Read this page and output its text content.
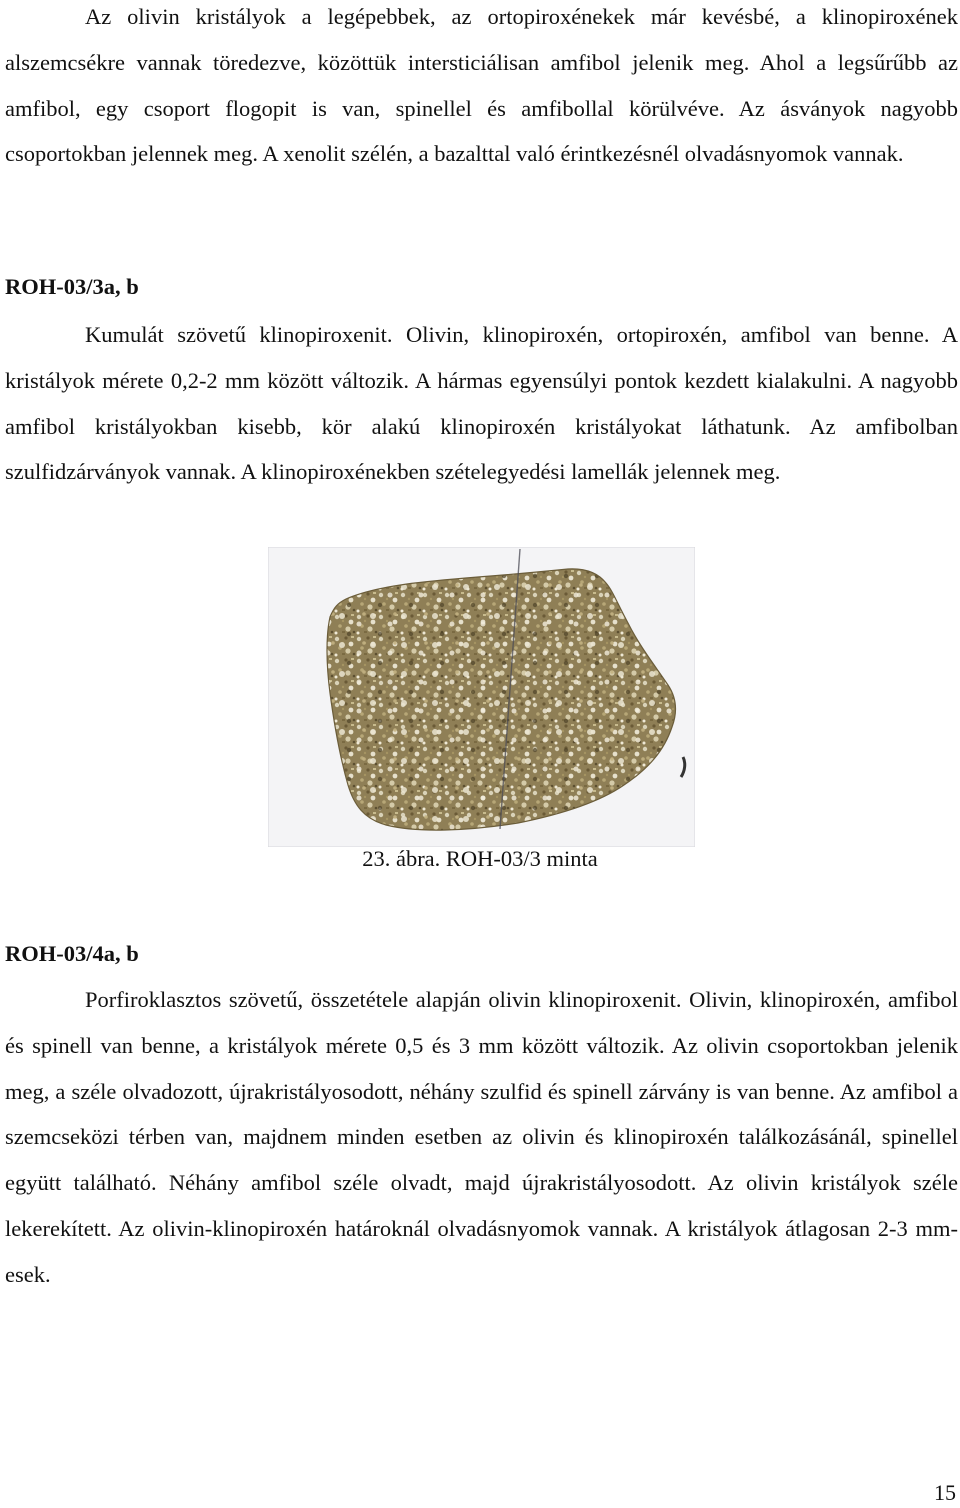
Az olivin kristályok a legépebbek, az ortopiroxénekek már kevésbé, a klinopiroxének alszemcsékre vannak töredezve, közöttük intersticiálisan amfibol jelenik meg. Ahol a legsűrűbb az amfibol, egy csoport flogopit is van, spinellel és amfibollal körülvéve. Az ásványok nagyobb csoportokban jelennek meg. A xenolit szélén, a bazalttal való érintkezésnél olvadásnyomok vannak.

ROH-03/3a, b

Kumulát szövetű klinopiroxenit. Olivin, klinopiroxén, ortopiroxén, amfibol van benne. A kristályok mérete 0,2-2 mm között változik. A hármas egyensúlyi pontok kezdett kialakulni. A nagyobb amfibol kristályokban kisebb, kör alakú klinopiroxén kristályokat láthatunk. Az amfibolban szulfidzárványok vannak. A klinopiroxénekben szételegyedési lamellák jelennek meg.

23. ábra. ROH-03/3 minta

ROH-03/4a, b

Porfiroklasztos szövetű, összetétele alapján olivin klinopiroxenit. Olivin, klinopiroxén, amfibol és spinell van benne, a kristályok mérete 0,5 és 3 mm között változik. Az olivin csoportokban jelenik meg, a széle olvadozott, újrakristályosodott, néhány szulfid és spinell zárvány is van benne. Az amfibol a szemcseközi térben van, majdnem minden esetben az olivin és klinopiroxén találkozásánál, spinellel együtt található. Néhány amfibol széle olvadt, majd újrakristályosodott. Az olivin kristályok széle lekerekített. Az olivin-klinopiroxén határoknál olvadásnyomok vannak. A kristályok átlagosan 2-3 mm-esek.

15
